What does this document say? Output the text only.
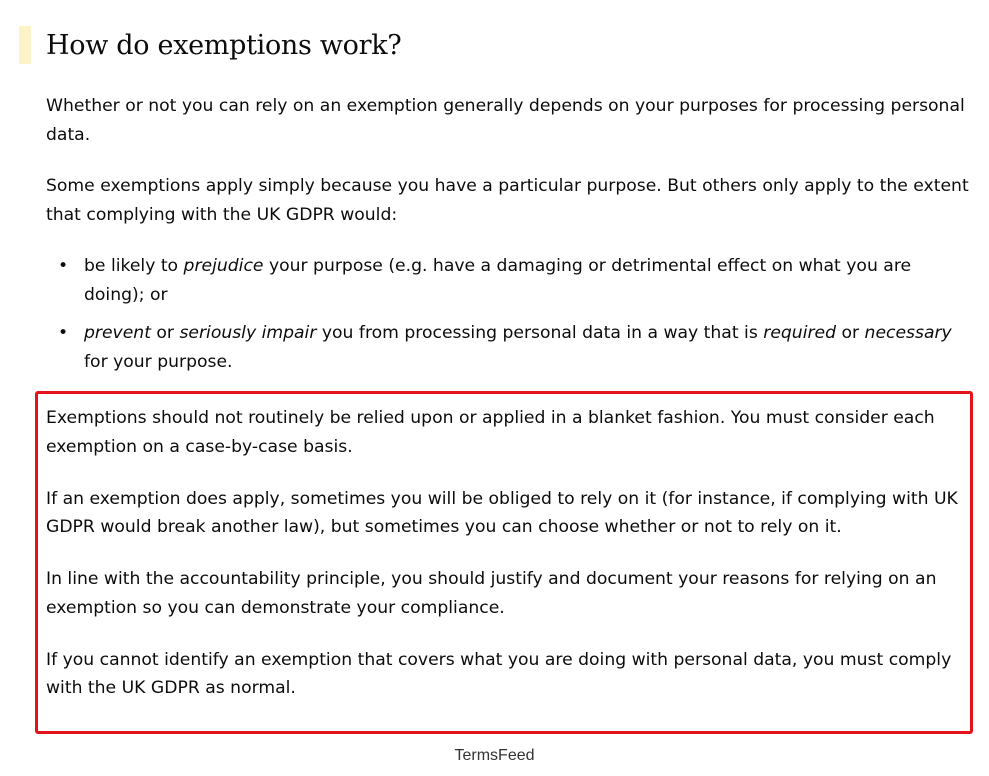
How do exemptions work?

Whether or not you can rely on an exemption generally depends on your purposes for processing personal data.

Some exemptions apply simply because you have a particular purpose. But others only apply to the extent that complying with the UK GDPR would:

• be likely to prejudice your purpose (e.g. have a damaging or detrimental effect on what you are doing); or
• prevent or seriously impair you from processing personal data in a way that is required or necessary for your purpose.

Exemptions should not routinely be relied upon or applied in a blanket fashion. You must consider each exemption on a case-by-case basis.

If an exemption does apply, sometimes you will be obliged to rely on it (for instance, if complying with UK GDPR would break another law), but sometimes you can choose whether or not to rely on it.

In line with the accountability principle, you should justify and document your reasons for relying on an exemption so you can demonstrate your compliance.

If you cannot identify an exemption that covers what you are doing with personal data, you must comply with the UK GDPR as normal.

TermsFeed
